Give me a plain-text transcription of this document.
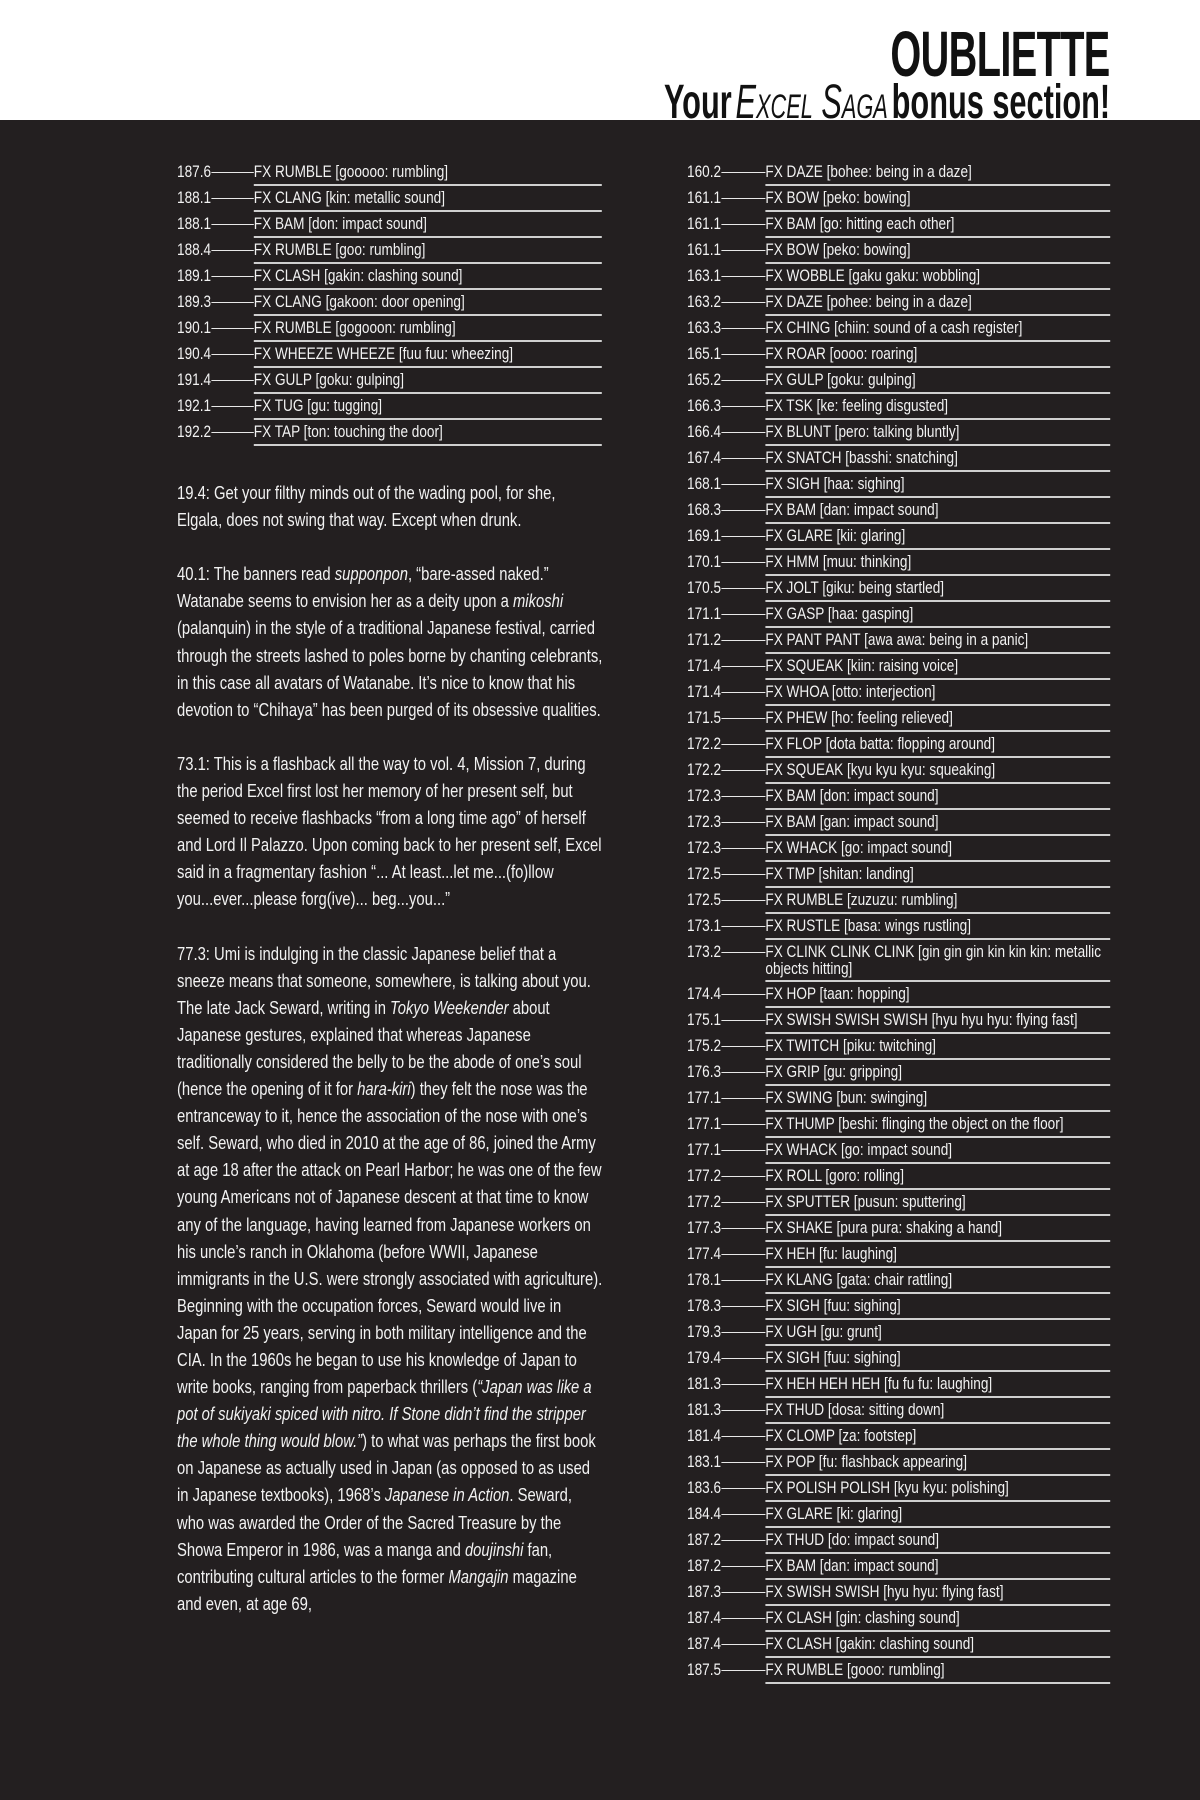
OUBLIETTE
YourExcel Sagabonus section!
187.6	FX RUMBLE [gooooo: rumbling]
188.1	FX CLANG [kin: metallic sound]
188.1	FX BAM [don: impact sound]
188.4	FX RUMBLE [goo: rumbling]
189.1	FX CLASH [gakin: clashing sound]
189.3	FX CLANG [gakoon: door opening]
190.1	FX RUMBLE [gogooon: rumbling]
190.4	FX WHEEZE WHEEZE [fuu fuu: wheezing]
191.4	FX GULP [goku: gulping]
192.1	FX TUG [gu: tugging]
192.2	FX TAP [ton: touching the door]

19.4: Get your filthy minds out of the wading pool, for she, Elgala, does not swing that way. Except when drunk.

40.1: The banners read supponpon, “bare-assed naked.” Watanabe seems to envision her as a deity upon a mikoshi (palanquin) in the style of a traditional Japanese festival, carried through the streets lashed to poles borne by chanting celebrants, in this case all avatars of Watanabe. It’s nice to know that his devotion to “Chihaya” has been purged of its obsessive qualities.

73.1: This is a flashback all the way to vol. 4, Mission 7, during the period Excel first lost her memory of her present self, but seemed to receive flashbacks “from a long time ago” of herself and Lord Il Palazzo. Upon coming back to her present self, Excel said in a fragmentary fashion “... At least...let me...(fo)llow you...ever...please forg(ive)... beg...you...”

77.3: Umi is indulging in the classic Japanese belief that a sneeze means that someone, somewhere, is talking about you. The late Jack Seward, writing in Tokyo Weekender about Japanese gestures, explained that whereas Japanese traditionally considered the belly to be the abode of one’s soul (hence the opening of it for hara-kiri) they felt the nose was the entranceway to it, hence the association of the nose with one’s self. Seward, who died in 2010 at the age of 86, joined the Army at age 18 after the attack on Pearl Harbor; he was one of the few young Americans not of Japanese descent at that time to know any of the language, having learned from Japanese workers on his uncle’s ranch in Oklahoma (before WWII, Japanese immigrants in the U.S. were strongly associated with agriculture). Beginning with the occupation forces, Seward would live in Japan for 25 years, serving in both military intelligence and the CIA. In the 1960s he began to use his knowledge of Japan to write books, ranging from paperback thrillers (“Japan was like a pot of sukiyaki spiced with nitro. If Stone didn’t find the stripper the whole thing would blow.”) to what was perhaps the first book on Japanese as actually used in Japan (as opposed to as used in Japanese textbooks), 1968’s Japanese in Action. Seward, who was awarded the Order of the Sacred Treasure by the Showa Emperor in 1986, was a manga and doujinshi fan, contributing cultural articles to the former Mangajin magazine and even, at age 69,

160.2	FX DAZE [bohee: being in a daze]
161.1	FX BOW [peko: bowing]
161.1	FX BAM [go: hitting each other]
161.1	FX BOW [peko: bowing]
163.1	FX WOBBLE [gaku gaku: wobbling]
163.2	FX DAZE [pohee: being in a daze]
163.3	FX CHING [chiin: sound of a cash register]
165.1	FX ROAR [oooo: roaring]
165.2	FX GULP [goku: gulping]
166.3	FX TSK [ke: feeling disgusted]
166.4	FX BLUNT [pero: talking bluntly]
167.4	FX SNATCH [basshi: snatching]
168.1	FX SIGH [haa: sighing]
168.3	FX BAM [dan: impact sound]
169.1	FX GLARE [kii: glaring]
170.1	FX HMM [muu: thinking]
170.5	FX JOLT [giku: being startled]
171.1	FX GASP [haa: gasping]
171.2	FX PANT PANT [awa awa: being in a panic]
171.4	FX SQUEAK [kiin: raising voice]
171.4	FX WHOA [otto: interjection]
171.5	FX PHEW [ho: feeling relieved]
172.2	FX FLOP [dota batta: flopping around]
172.2	FX SQUEAK [kyu kyu kyu: squeaking]
172.3	FX BAM [don: impact sound]
172.3	FX BAM [gan: impact sound]
172.3	FX WHACK [go: impact sound]
172.5	FX TMP [shitan: landing]
172.5	FX RUMBLE [zuzuzu: rumbling]
173.1	FX RUSTLE [basa: wings rustling]
173.2	FX CLINK CLINK CLINK [gin gin gin kin kin kin: metallic objects hitting]
174.4	FX HOP [taan: hopping]
175.1	FX SWISH SWISH SWISH [hyu hyu hyu: flying fast]
175.2	FX TWITCH [piku: twitching]
176.3	FX GRIP [gu: gripping]
177.1	FX SWING [bun: swinging]
177.1	FX THUMP [beshi: flinging the object on the floor]
177.1	FX WHACK [go: impact sound]
177.2	FX ROLL [goro: rolling]
177.2	FX SPUTTER [pusun: sputtering]
177.3	FX SHAKE [pura pura: shaking a hand]
177.4	FX HEH [fu: laughing]
178.1	FX KLANG [gata: chair rattling]
178.3	FX SIGH [fuu: sighing]
179.3	FX UGH [gu: grunt]
179.4	FX SIGH [fuu: sighing]
181.3	FX HEH HEH HEH [fu fu fu: laughing]
181.3	FX THUD [dosa: sitting down]
181.4	FX CLOMP [za: footstep]
183.1	FX POP [fu: flashback appearing]
183.6	FX POLISH POLISH [kyu kyu: polishing]
184.4	FX GLARE [ki: glaring]
187.2	FX THUD [do: impact sound]
187.2	FX BAM [dan: impact sound]
187.3	FX SWISH SWISH [hyu hyu: flying fast]
187.4	FX CLASH [gin: clashing sound]
187.4	FX CLASH [gakin: clashing sound]
187.5	FX RUMBLE [gooo: rumbling]
